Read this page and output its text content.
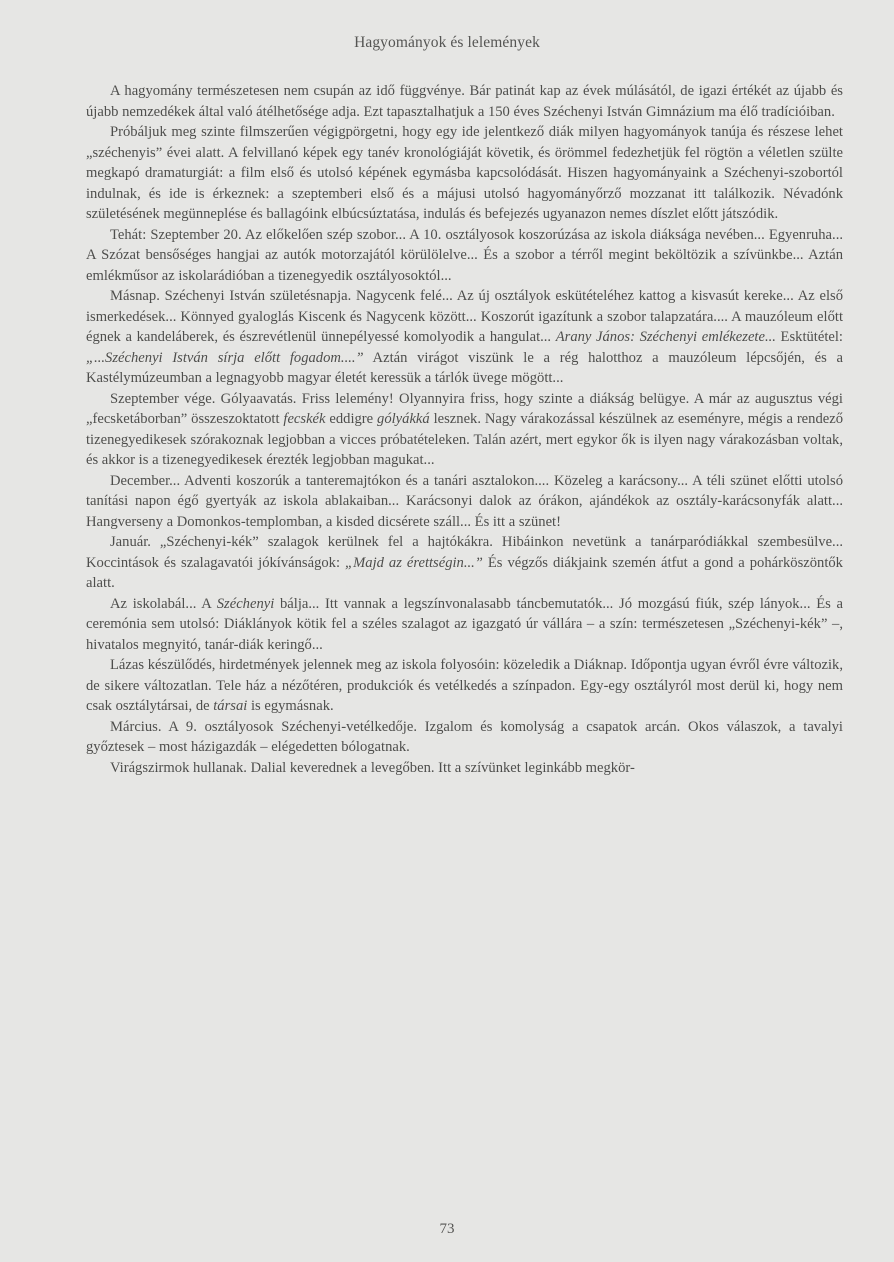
Hagyományok és lelemények

A hagyomány természetesen nem csupán az idő függvénye. Bár patinát kap az évek múlásától, de igazi értékét az újabb és újabb nemzedékek által való átélhetősége adja. Ezt tapasztalhatjuk a 150 éves Széchenyi István Gimnázium ma élő tradícióiban.

Próbáljuk meg szinte filmszerűen végigpörgetni, hogy egy ide jelentkező diák milyen hagyományok tanúja és részese lehet „széchenyis” évei alatt. A felvillanó képek egy tanév kronológiáját követik, és örömmel fedezhetjük fel rögtön a véletlen szülte megkapó dramaturgiát: a film első és utolsó képének egymásba kapcsolódását. Hiszen hagyományaink a Széchenyi-szobortól indulnak, és ide is érkeznek: a szeptemberi első és a májusi utolsó hagyományőrző mozzanat itt találkozik. Névadónk születésének megünneplése és ballagóink elbúcsúztatása, indulás és befejezés ugyanazon nemes díszlet előtt játszódik.

Tehát: Szeptember 20. Az előkelően szép szobor... A 10. osztályosok koszorúzása az iskola diáksága nevében... Egyenruha... A Szózat bensőséges hangjai az autók motorzajától körülölelve... És a szobor a térről megint beköltözik a szívünkbe... Aztán emlékműsor az iskolarádióban a tizenegyedik osztályosoktól...

Másnap. Széchenyi István születésnapja. Nagycenk felé... Az új osztályok eskütételéhez kattog a kisvasút kereke... Az első ismerkedések... Könnyed gyaloglás Kiscenk és Nagycenk között... Koszorút igazítunk a szobor talapzatára.... A mauzóleum előtt égnek a kandeláberek, és észrevétlenül ünnepélyessé komolyodik a hangulat... Arany János: Széchenyi emlékezete... Esktütétel: „...Széchenyi István sírja előtt fogadom....” Aztán virágot viszünk le a rég halotthoz a mauzóleum lépcsőjén, és a Kastélymúzeumban a legnagyobb magyar életét keressük a tárlók üvege mögött...

Szeptember vége. Gólyaavatás. Friss lelemény! Olyannyira friss, hogy szinte a diákság belügye. A már az augusztus végi „fecsketáborban” összeszoktatott fecskék eddigre gólyákká lesznek. Nagy várakozással készülnek az eseményre, mégis a rendező tizenegyedikesek szórakoznak legjobban a vicces próbatételeken. Talán azért, mert egykor ők is ilyen nagy várakozásban voltak, és akkor is a tizenegyedikesek érezték legjobban magukat...

December... Adventi koszorúk a tanteremajtókon és a tanári asztalokon.... Közeleg a karácsony... A téli szünet előtti utolsó tanítási napon égő gyertyák az iskola ablakaiban... Karácsonyi dalok az órákon, ajándékok az osztály-karácsonyfák alatt... Hangverseny a Domonkos-templomban, a kisded dicsérete száll... És itt a szünet!

Január. „Széchenyi-kék” szalagok kerülnek fel a hajtókákra. Hibáinkon nevetünk a tanárparódiákkal szembesülve... Koccintások és szalagavatói jókívánságok: „Majd az érettségin...” És végzős diákjaink szemén átfut a gond a pohárköszöntők alatt.

Az iskolabál... A Széchenyi bálja... Itt vannak a legszínvonalasabb táncbemutatók... Jó mozgású fiúk, szép lányok... És a ceremónia sem utolsó: Diáklányok kötik fel a széles szalagot az igazgató úr vállára – a szín: természetesen „Széchenyi-kék” –, hivatalos megnyitó, tanár-diák keringő...

Lázas készülődés, hirdetmények jelennek meg az iskola folyosóin: közeledik a Diáknap. Időpontja ugyan évről évre változik, de sikere változatlan. Tele ház a nézőtéren, produkciók és vetélkedés a színpadon. Egy-egy osztályról most derül ki, hogy nem csak osztálytársai, de társai is egymásnak.

Március. A 9. osztályosok Széchenyi-vetélkedője. Izgalom és komolyság a csapatok arcán. Okos válaszok, a tavalyi győztesek – most házigazdák – elégedetten bólogatnak.

Virágszirmok hullanak. Dalial keverednek a levegőben. Itt a szívünket leginkább megkör-

73
